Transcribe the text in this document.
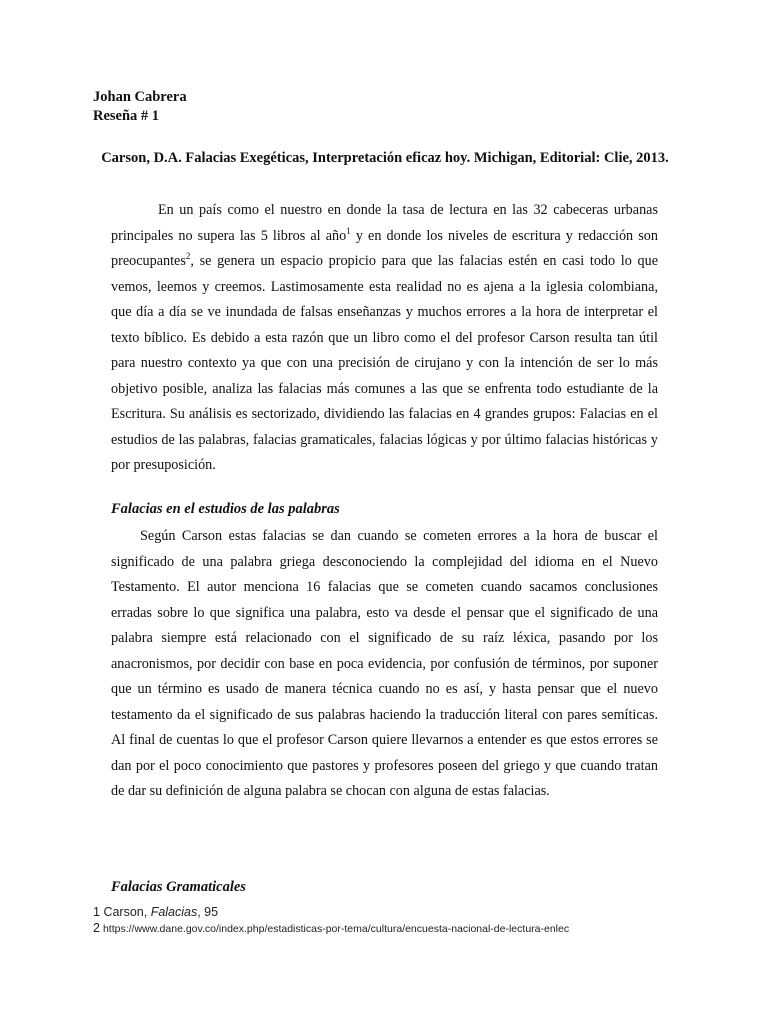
Johan Cabrera
Reseña # 1
Carson, D.A. Falacias Exegéticas, Interpretación eficaz hoy. Michigan, Editorial: Clie, 2013.

En un país como el nuestro en donde la tasa de lectura en las 32 cabeceras urbanas principales no supera las 5 libros al año$^1$ y en donde los niveles de escritura y redacción son preocupantes$^2$, se genera un espacio propicio para que las falacias estén en casi todo lo que vemos, leemos y creemos. Lastimosamente esta realidad no es ajena a la iglesia colombiana, que día a día se ve inundada de falsas enseñanzas y muchos errores a la hora de interpretar el texto bíblico. Es debido a esta razón que un libro como el del profesor Carson resulta tan útil para nuestro contexto ya que con una precisión de cirujano y con la intención de ser lo más objetivo posible, analiza las falacias más comunes a las que se enfrenta todo estudiante de la Escritura. Su análisis es sectorizado, dividiendo las falacias en 4 grandes grupos: Falacias en el estudios de las palabras, falacias gramaticales, falacias lógicas y por último falacias históricas y por presuposición.

Falacias en el estudios de las palabras

Según Carson estas falacias se dan cuando se cometen errores a la hora de buscar el significado de una palabra griega desconociendo la complejidad del idioma en el Nuevo Testamento. El autor menciona 16 falacias que se cometen cuando sacamos conclusiones erradas sobre lo que significa una palabra, esto va desde el pensar que el significado de una palabra siempre está relacionado con el significado de su raíz léxica, pasando por los anacronismos, por decidir con base en poca evidencia, por confusión de términos, por suponer que un término es usado de manera técnica cuando no es así, y hasta pensar que el nuevo testamento da el significado de sus palabras haciendo la traducción literal con pares semíticas. Al final de cuentas lo que el profesor Carson quiere llevarnos a entender es que estos errores se dan por el poco conocimiento que pastores y profesores poseen del griego y que cuando tratan de dar su definición de alguna palabra se chocan con alguna de estas falacias.

Falacias Gramaticales
1 Carson, Falacias, 95
2 https://www.dane.gov.co/index.php/estadisticas-por-tema/cultura/encuesta-nacional-de-lectura-enlec
